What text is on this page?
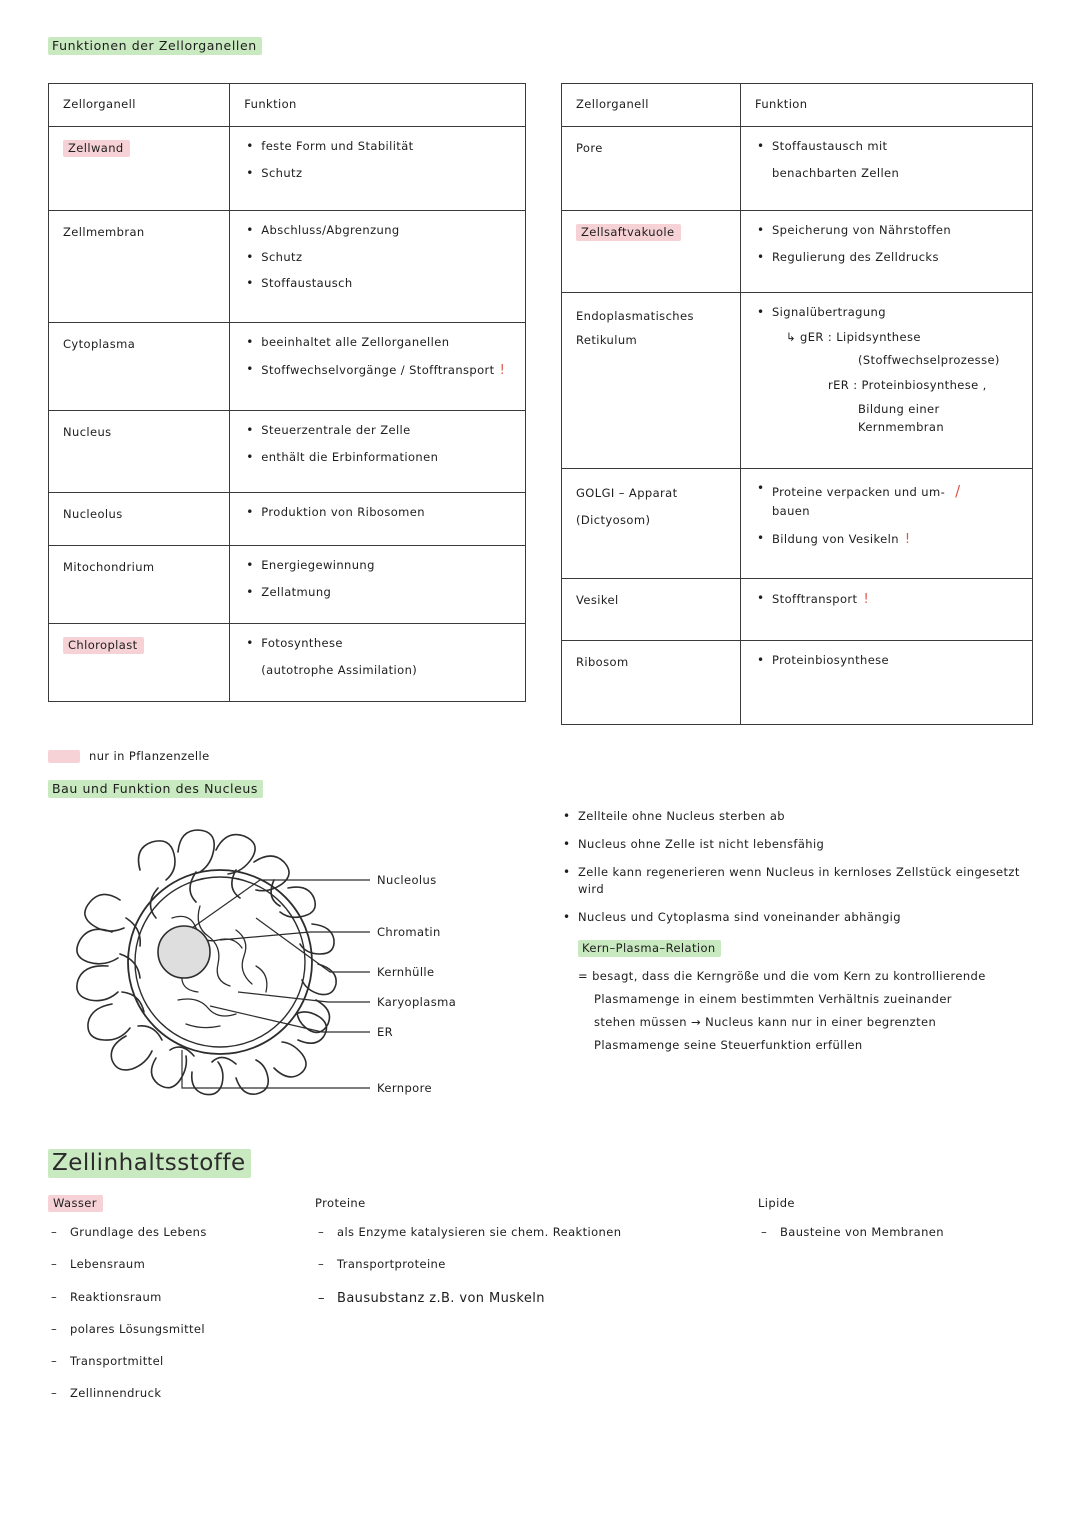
Funktionen der Zellorganellen
Zellorganell	Funktion
Zellwand	
•feste Form und Stabilität
• Schutz

Zellmembran	
•Abschluss/Abgrenzung
• Schutz
• Stoffaustausch

Cytoplasma	
•beeinhaltet alle Zellorganellen
• Stoffwechselvorgänge / Stofftransport !

Nucleus	
•Steuerzentrale der Zelle
• enthält die Erbinformationen

Nucleolus	
•Produktion von Ribosomen

Mitochondrium	
•Energiegewinnung
• Zellatmung

Chloroplast	
•Fotosynthese
(autotrophe Assimilation)
Zellorganell	Funktion
Pore	
•Stoffaustausch mit
benachbarten Zellen

Zellsaftvakuole	
•Speicherung von Nährstoffen
• Regulierung des Zelldrucks

Endoplasmatisches Retikulum	
• Signalübertragung
↳ gER : Lipidsynthese
(Stoffwechselprozesse)
rER : Proteinbiosynthese ,
Bildung einer Kernmembran

GOLGI – Apparat (Dictyosom)	
• Proteine verpacken und um- /
bauen
• Bildung von Vesikeln !

Vesikel	
•Stofftransport !

Ribosom	
•Proteinbiosynthese
nur in Pflanzenzelle
Bau und Funktion des Nucleus
Nucleolus
Chromatin
Kernhülle
Karyoplasma
ER
Kernpore
• Zellteile ohne Nucleus sterben ab
• Nucleus ohne Zelle ist nicht lebensfähig
• Zelle kann regenerieren wenn Nucleus in kernloses Zellstück eingesetzt wird
• Nucleus und Cytoplasma sind voneinander abhängig
Kern–Plasma–Relation
= besagt, dass die Kerngröße und die vom Kern zu kontrollierende
Plasmamenge in einem bestimmten Verhältnis zueinander
stehen müssen → Nucleus kann nur in einer begrenzten
Plasmamenge seine Steuerfunktion erfüllen
Zellinhaltsstoffe
Wasser
– Grundlage des Lebens
– Lebensraum
– Reaktionsraum
– polares Lösungsmittel
– Transportmittel
– Zellinnendruck
Proteine
– als Enzyme katalysieren sie chem. Reaktionen
– Transportproteine
– Bausubstanz z.B. von Muskeln
Lipide
– Bausteine von Membranen
